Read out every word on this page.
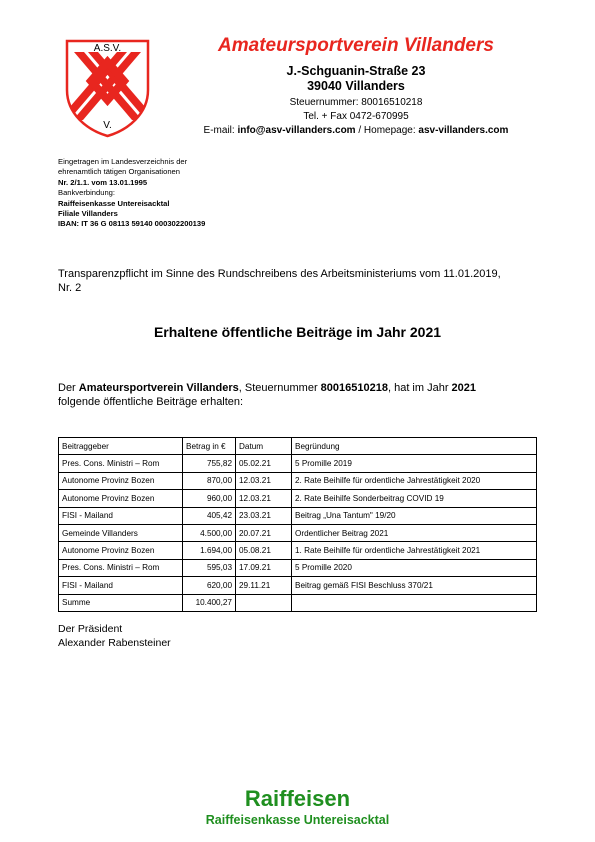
A.S.V.
V.
Amateursportverein Villanders
J.-Schguanin-Straße 23
39040 Villanders
Steuernummer: 80016510218
Tel. + Fax 0472-670995
E-mail: info@asv-villanders.com / Homepage: asv-villanders.com
Eingetragen im Landesverzeichnis der
ehrenamtlich tätigen Organisationen
Nr. 2/1.1. vom 13.01.1995
Bankverbindung:
Raiffeisenkasse Untereisacktal
Filiale Villanders
IBAN: IT 36 G 08113 59140 000302200139
Transparenzpflicht im Sinne des Rundschreibens des Arbeitsministeriums vom 11.01.2019, Nr. 2
Erhaltene öffentliche Beiträge im Jahr 2021
Der Amateursportverein Villanders, Steuernummer 80016510218, hat im Jahr 2021
folgende öffentliche Beiträge erhalten:
Beitraggeber	Betrag in €	Datum	Begründung
Pres. Cons. Ministri – Rom	755,82	05.02.21	5 Promille 2019
Autonome Provinz Bozen	870,00	12.03.21	2. Rate Beihilfe für ordentliche Jahrestätigkeit 2020
Autonome Provinz Bozen	960,00	12.03.21	2. Rate Beihilfe Sonderbeitrag COVID 19
FISI - Mailand	405,42	23.03.21	Beitrag „Una Tantum" 19/20
Gemeinde Villanders	4.500,00	20.07.21	Ordentlicher Beitrag 2021
Autonome Provinz Bozen	1.694,00	05.08.21	1. Rate Beihilfe für ordentliche Jahrestätigkeit 2021
Pres. Cons. Ministri – Rom	595,03	17.09.21	5 Promille 2020
FISI - Mailand	620,00	29.11.21	Beitrag gemäß FISI Beschluss 370/21
Summe	10.400,27		
Der Präsident
Alexander Rabensteiner
Raiffeisen
Raiffeisenkasse Untereisacktal
